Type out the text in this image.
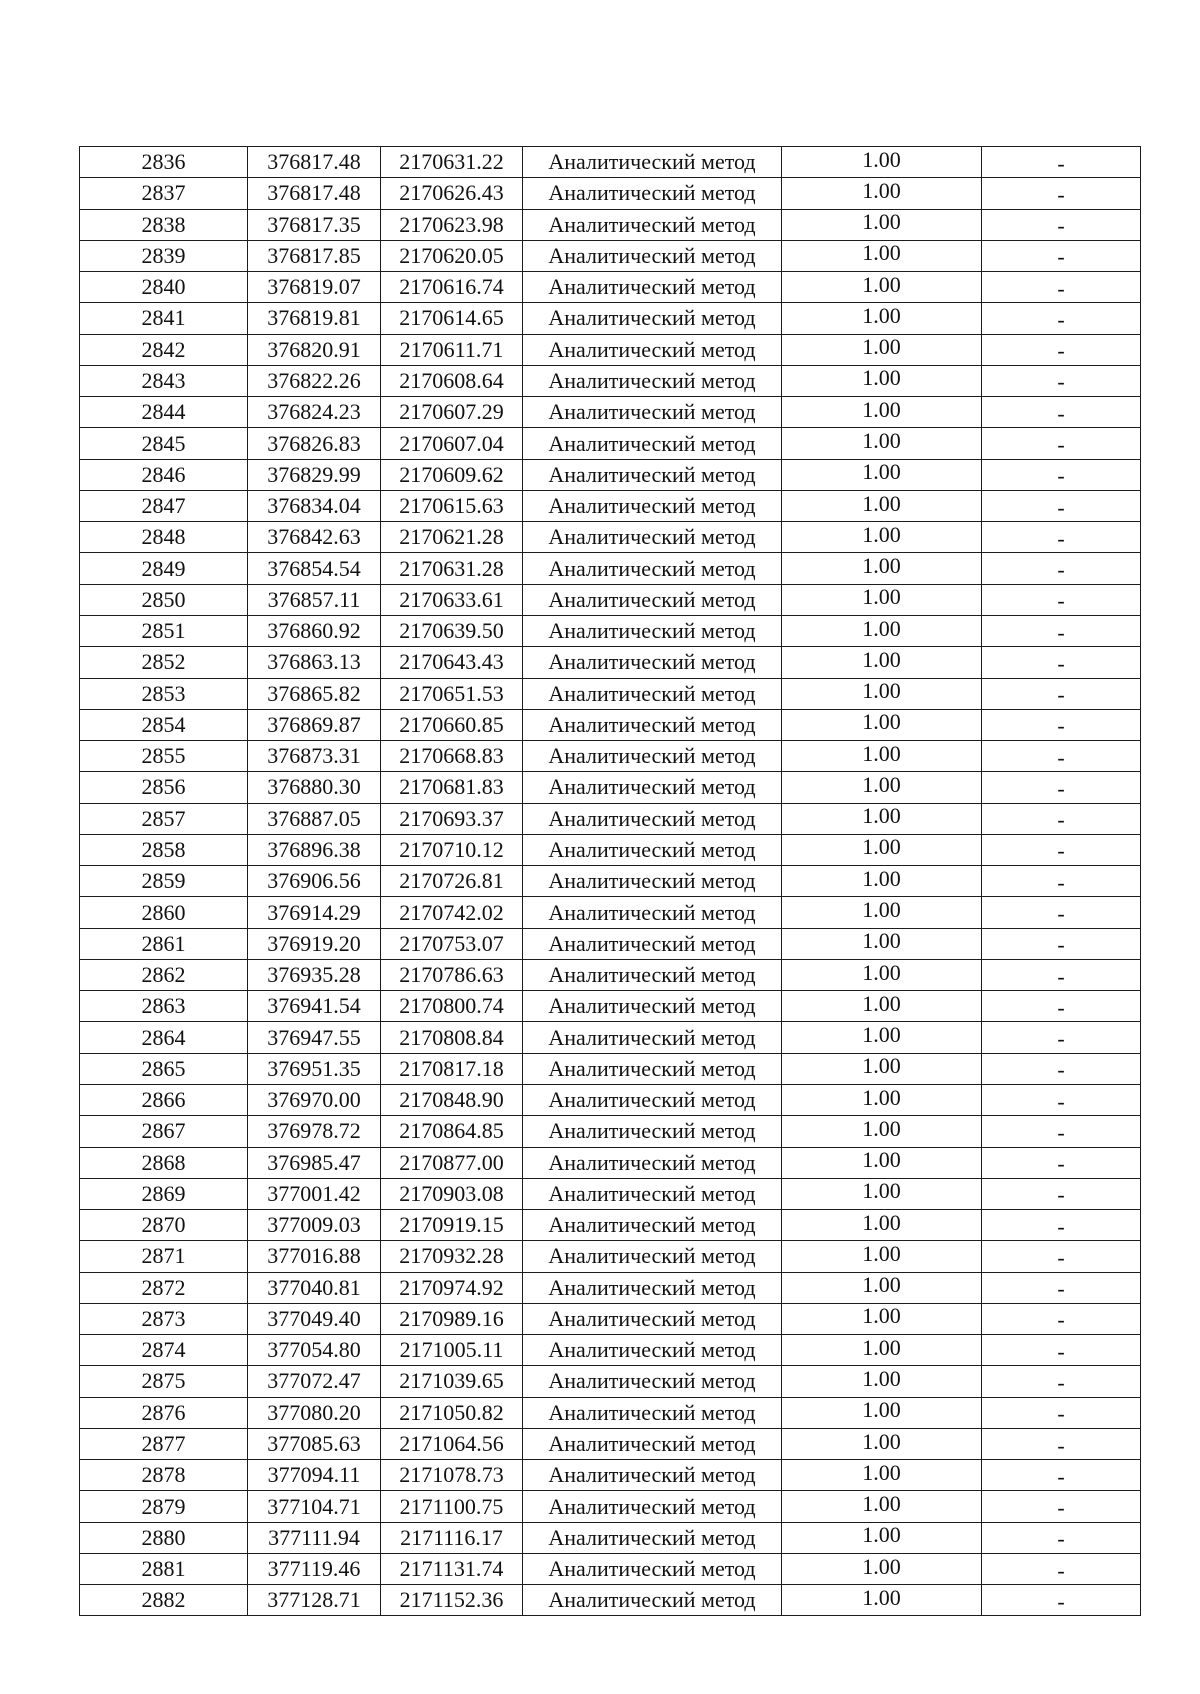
2836	376817.48	2170631.22	Аналитический метод	1.00	-
2837	376817.48	2170626.43	Аналитический метод	1.00	-
2838	376817.35	2170623.98	Аналитический метод	1.00	-
2839	376817.85	2170620.05	Аналитический метод	1.00	-
2840	376819.07	2170616.74	Аналитический метод	1.00	-
2841	376819.81	2170614.65	Аналитический метод	1.00	-
2842	376820.91	2170611.71	Аналитический метод	1.00	-
2843	376822.26	2170608.64	Аналитический метод	1.00	-
2844	376824.23	2170607.29	Аналитический метод	1.00	-
2845	376826.83	2170607.04	Аналитический метод	1.00	-
2846	376829.99	2170609.62	Аналитический метод	1.00	-
2847	376834.04	2170615.63	Аналитический метод	1.00	-
2848	376842.63	2170621.28	Аналитический метод	1.00	-
2849	376854.54	2170631.28	Аналитический метод	1.00	-
2850	376857.11	2170633.61	Аналитический метод	1.00	-
2851	376860.92	2170639.50	Аналитический метод	1.00	-
2852	376863.13	2170643.43	Аналитический метод	1.00	-
2853	376865.82	2170651.53	Аналитический метод	1.00	-
2854	376869.87	2170660.85	Аналитический метод	1.00	-
2855	376873.31	2170668.83	Аналитический метод	1.00	-
2856	376880.30	2170681.83	Аналитический метод	1.00	-
2857	376887.05	2170693.37	Аналитический метод	1.00	-
2858	376896.38	2170710.12	Аналитический метод	1.00	-
2859	376906.56	2170726.81	Аналитический метод	1.00	-
2860	376914.29	2170742.02	Аналитический метод	1.00	-
2861	376919.20	2170753.07	Аналитический метод	1.00	-
2862	376935.28	2170786.63	Аналитический метод	1.00	-
2863	376941.54	2170800.74	Аналитический метод	1.00	-
2864	376947.55	2170808.84	Аналитический метод	1.00	-
2865	376951.35	2170817.18	Аналитический метод	1.00	-
2866	376970.00	2170848.90	Аналитический метод	1.00	-
2867	376978.72	2170864.85	Аналитический метод	1.00	-
2868	376985.47	2170877.00	Аналитический метод	1.00	-
2869	377001.42	2170903.08	Аналитический метод	1.00	-
2870	377009.03	2170919.15	Аналитический метод	1.00	-
2871	377016.88	2170932.28	Аналитический метод	1.00	-
2872	377040.81	2170974.92	Аналитический метод	1.00	-
2873	377049.40	2170989.16	Аналитический метод	1.00	-
2874	377054.80	2171005.11	Аналитический метод	1.00	-
2875	377072.47	2171039.65	Аналитический метод	1.00	-
2876	377080.20	2171050.82	Аналитический метод	1.00	-
2877	377085.63	2171064.56	Аналитический метод	1.00	-
2878	377094.11	2171078.73	Аналитический метод	1.00	-
2879	377104.71	2171100.75	Аналитический метод	1.00	-
2880	377111.94	2171116.17	Аналитический метод	1.00	-
2881	377119.46	2171131.74	Аналитический метод	1.00	-
2882	377128.71	2171152.36	Аналитический метод	1.00	-
